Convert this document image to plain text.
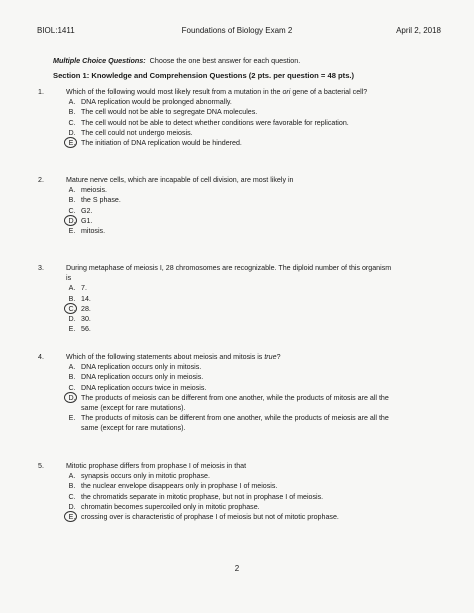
BIOL:1411	Foundations of Biology Exam 2	April 2, 2018
Multiple Choice Questions: Choose the one best answer for each question.
Section 1: Knowledge and Comprehension Questions (2 pts. per question = 48 pts.)
1.	Which of the following would most likely result from a mutation in the ori gene of a bacterial cell?
A. DNA replication would be prolonged abnormally.
B. The cell would not be able to segregate DNA molecules.
C. The cell would not be able to detect whether conditions were favorable for replication.
D. The cell could not undergo meiosis.
E. The initiation of DNA replication would be hindered.
2.	Mature nerve cells, which are incapable of cell division, are most likely in
A. meiosis.
B. the S phase.
C. G2.
D. G1.
E. mitosis.
3.	During metaphase of meiosis I, 28 chromosomes are recognizable. The diploid number of this organism
is
A. 7.
B. 14.
C. 28.
D. 30.
E. 56.
4.	Which of the following statements about meiosis and mitosis is true?
A. DNA replication occurs only in mitosis.
B. DNA replication occurs only in meiosis.
C. DNA replication occurs twice in meiosis.
D. The products of meiosis can be different from one another, while the products of mitosis are all the
same (except for rare mutations).
E. The products of mitosis can be different from one another, while the products of meiosis are all the
same (except for rare mutations).
5.	Mitotic prophase differs from prophase I of meiosis in that
A. synapsis occurs only in mitotic prophase.
B. the nuclear envelope disappears only in prophase I of meiosis.
C. the chromatids separate in mitotic prophase, but not in prophase I of meiosis.
D. chromatin becomes supercoiled only in mitotic prophase.
E. crossing over is characteristic of prophase I of meiosis but not of mitotic prophase.
2
